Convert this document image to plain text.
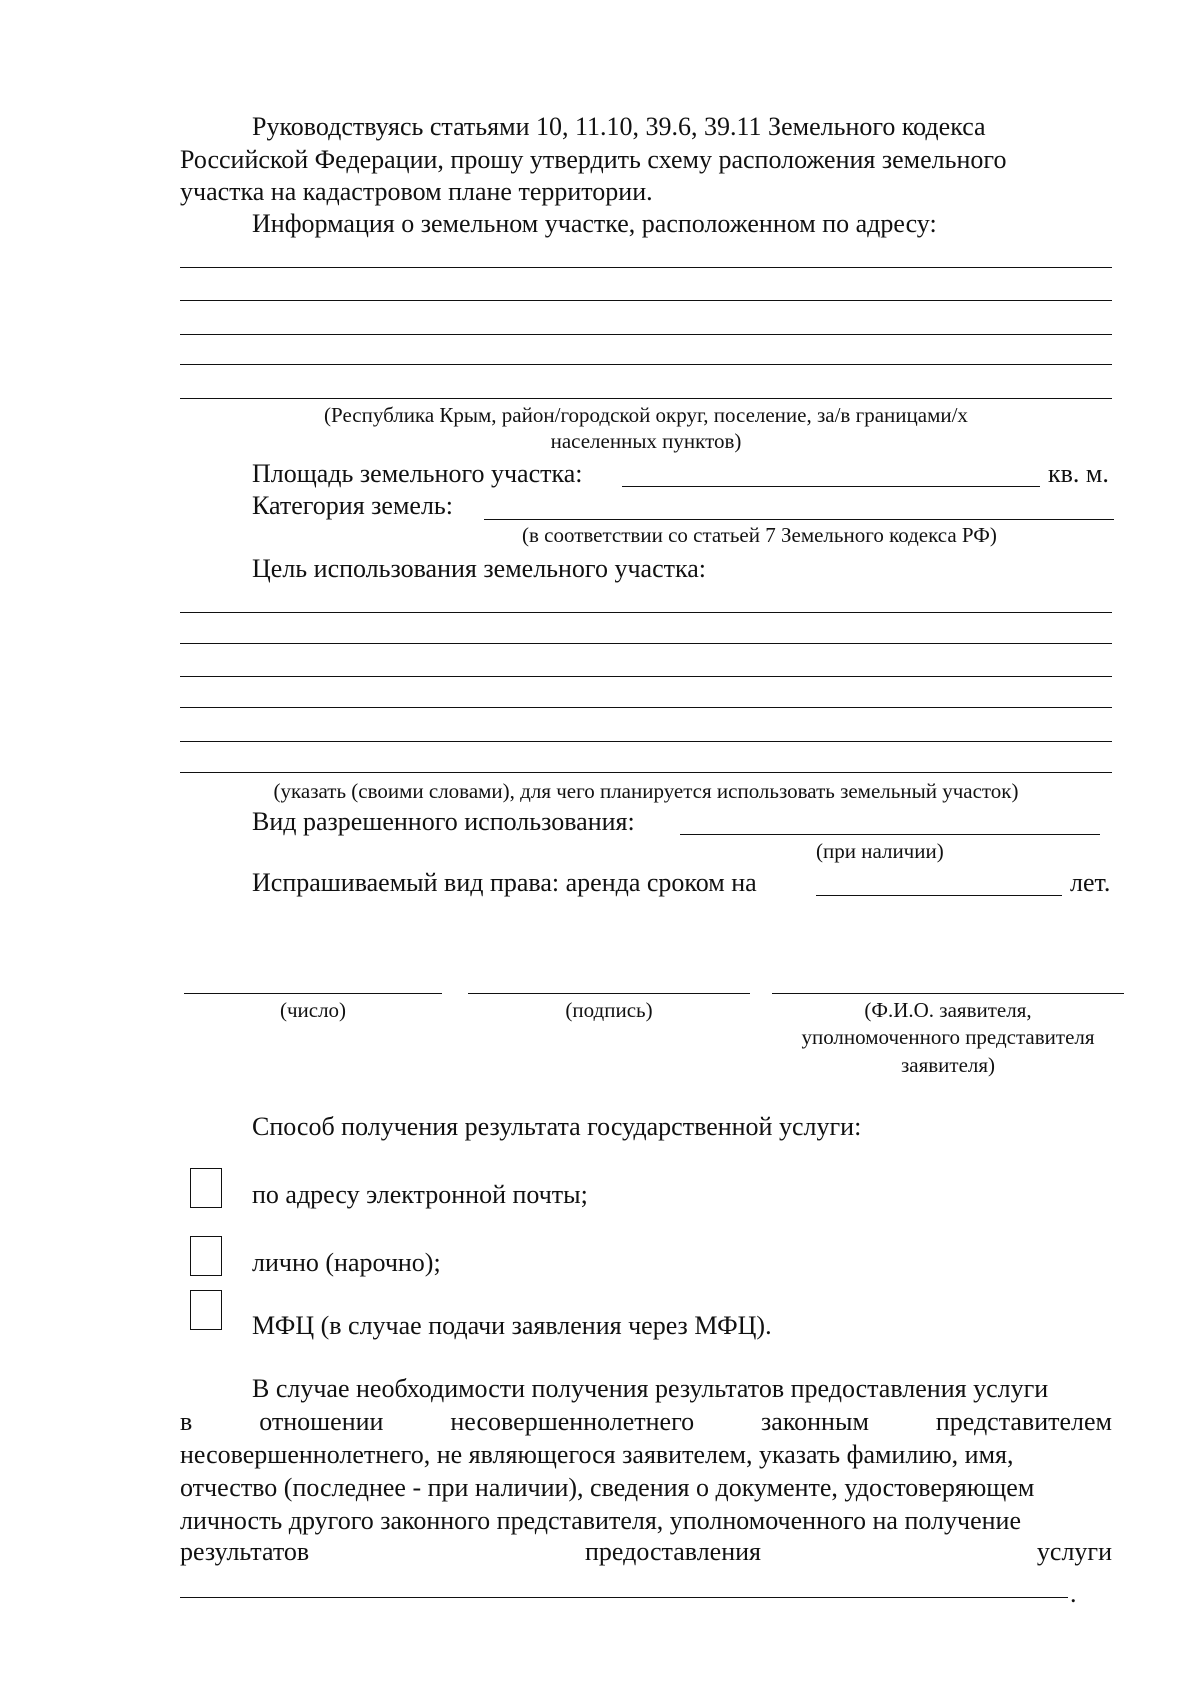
Руководствуясь статьями 10, 11.10, 39.6, 39.11 Земельного кодекса
Российской Федерации, прошу утвердить схему расположения земельного
участка на кадастровом плане территории.
Информация о земельном участке, расположенном по адресу:
(Республика Крым, район/городской округ, поселение, за/в границами/х
населенных пунктов)
Площадь земельного участка:	кв. м.
Категория земель:
(в соответствии со статьей 7 Земельного кодекса РФ)
Цель использования земельного участка:
(указать (своими словами), для чего планируется использовать земельный участок)
Вид разрешенного использования:
(при наличии)
Испрашиваемый вид права: аренда сроком на	лет.
(число)	(подпись)	(Ф.И.О. заявителя,
уполномоченного представителя
заявителя)
Способ получения результата государственной услуги:
по адресу электронной почты;
лично (нарочно);
МФЦ (в случае подачи заявления через МФЦ).
В случае необходимости получения результатов предоставления услуги
в отношении несовершеннолетнего законным представителем
несовершеннолетнего, не являющегося заявителем, указать фамилию, имя,
отчество (последнее - при наличии), сведения о документе, удостоверяющем
личность другого законного представителя, уполномоченного на получение
результатов предоставления услуги
.
